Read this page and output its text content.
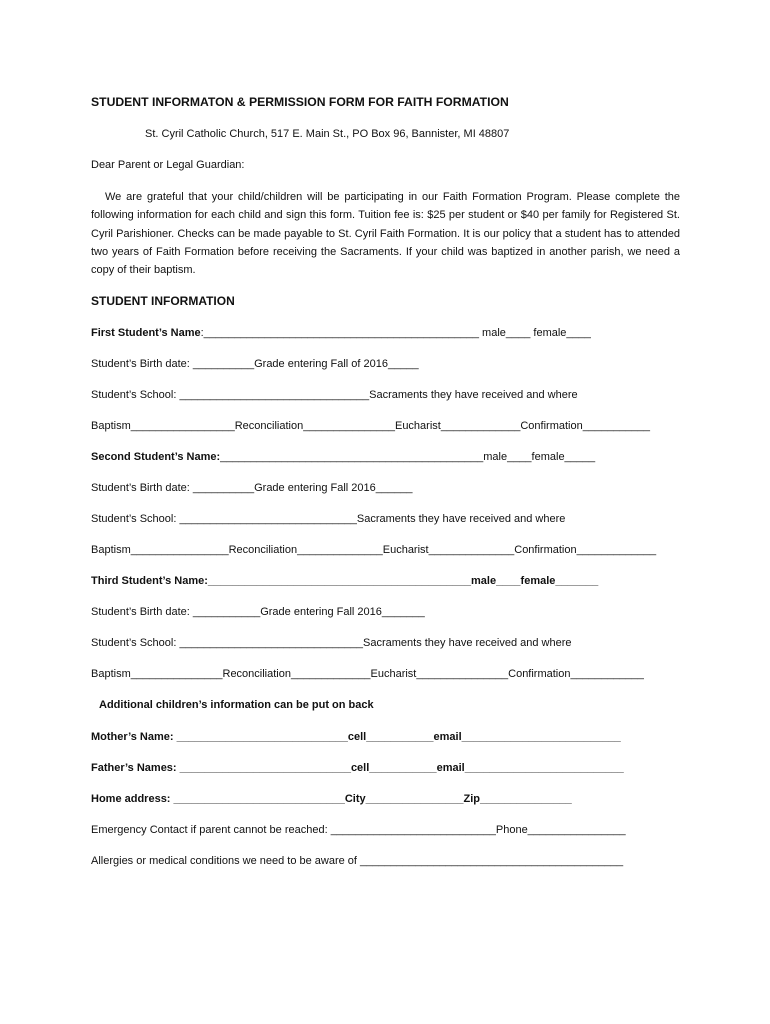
STUDENT INFORMATON & PERMISSION FORM FOR FAITH FORMATION
St. Cyril Catholic Church, 517 E. Main St., PO Box 96, Bannister, MI 48807
Dear Parent or Legal Guardian:

We are grateful that your child/children will be participating in our Faith Formation Program. Please complete the following information for each child and sign this form. Tuition fee is: $25 per student or $40 per family for Registered St. Cyril Parishioner. Checks can be made payable to St. Cyril Faith Formation. It is our policy that a student has to attended two years of Faith Formation before receiving the Sacraments. If your child was baptized in another parish, we need a copy of their baptism.

STUDENT INFORMATION
First Student’s Name:_____________________________________________ male____ female____
Student’s Birth date: __________Grade entering Fall of 2016_____
Student’s School: _______________________________Sacraments they have received and where
Baptism_________________Reconciliation_______________Eucharist_____________Confirmation___________
Second Student’s Name:___________________________________________male____female_____
Student’s Birth date: __________Grade entering Fall 2016______
Student’s School: _____________________________Sacraments they have received and where
Baptism________________Reconciliation______________Eucharist______________Confirmation_____________
Third Student’s Name:___________________________________________male____female_______
Student’s Birth date: ___________Grade entering Fall 2016_______
Student’s School: ______________________________Sacraments they have received and where
Baptism_______________Reconciliation_____________Eucharist_______________Confirmation____________
Additional children’s information can be put on back
Mother’s Name: ____________________________cell___________email__________________________
Father’s Names: ____________________________cell___________email__________________________
Home address: ____________________________City________________Zip_______________
Emergency Contact if parent cannot be reached: ___________________________Phone________________
Allergies or medical conditions we need to be aware of ___________________________________________
